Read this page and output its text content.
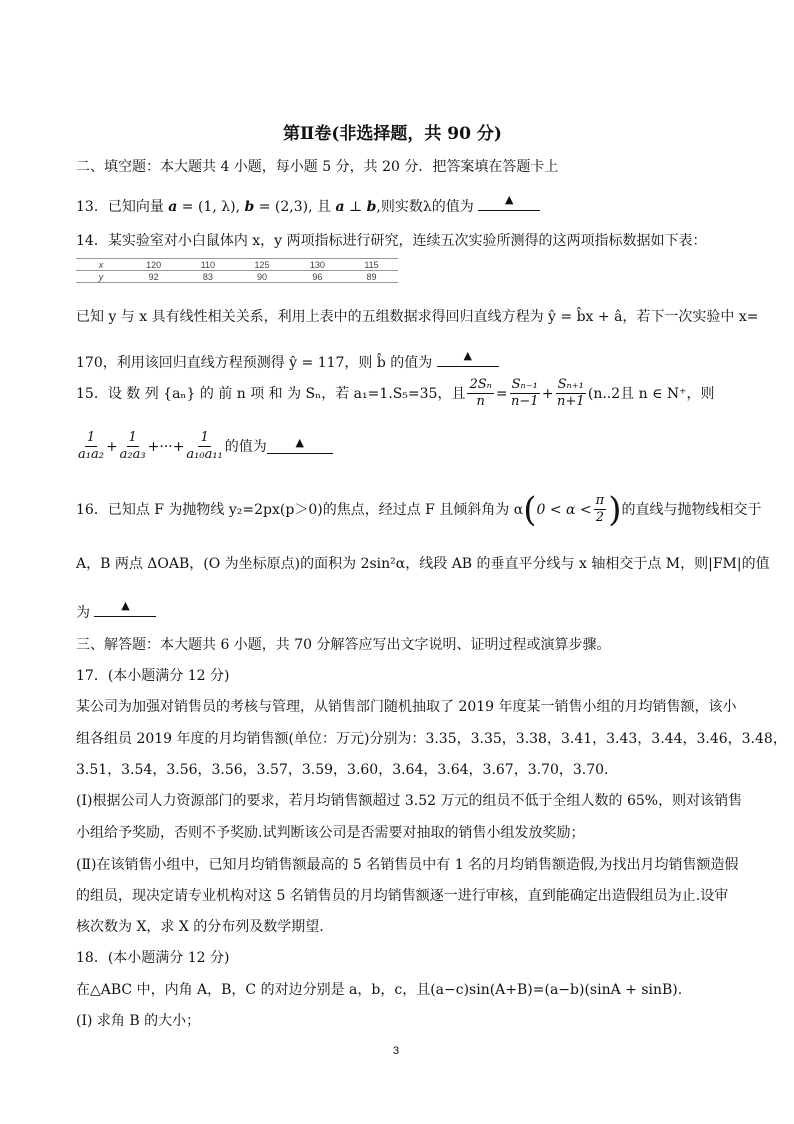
第Ⅱ卷(非选择题，共 90 分)
二、填空题：本大题共 4 小题，每小题 5 分，共 20 分．把答案填在答题卡上
13．已知向量 a = (1, λ), b = (2,3), 且 a ⊥ b,则实数λ的值为	▲
14．某实验室对小白鼠体内 x，y 两项指标进行研究，连续五次实验所测得的这两项指标数据如下表：
x	120	110	125	130	115
y	92	83	90	96	89
已知 y 与 x 具有线性相关关系，利用上表中的五组数据求得回归直线方程为 ŷ = b̂x + â，若下一次实验中 x=
170，利用该回归直线方程预测得 ŷ = 117，则 b̂ 的值为	▲
15．设 数 列 {aₙ} 的 前 n 项 和 为 Sₙ，若 a₁=1.S₅=35，且 $\frac{\text{2Sₙ}}{n} = \frac{\text{Sₙ₋₁}}{n-1} + \frac{\text{Sₙ₊₁}}{n+1} (n..2$且 n ∈ N⁺，则
$\frac{1}{\text{a₁a₂}} + \frac{1}{\text{a₂a₃}}$ +···+ $\frac{1}{\text{a₁₀a₁₁}}$ 的值为	▲
16．已知点 F 为抛物线 y₂=2px(p＞0)的焦点，经过点 F 且倾斜角为 α ( $0 < \alpha < \frac{\pi}{2}$ ) 的直线与抛物线相交于
A，B 两点 ΔOAB，(O 为坐标原点)的面积为 2sin²α，线段 AB 的垂直平分线与 x 轴相交于点 M，则|FM|的值
为	▲
三、解答题：本大题共 6 小题，共 70 分解答应写出文字说明、证明过程或演算步骤。
17．(本小题满分 12 分)
某公司为加强对销售员的考核与管理，从销售部门随机抽取了 2019 年度某一销售小组的月均销售额，该小
组各组员 2019 年度的月均销售额(单位：万元)分别为：3.35，3.35，3.38，3.41，3.43，3.44，3.46，3.48，
3.51，3.54，3.56，3.56，3.57，3.59，3.60，3.64，3.64，3.67，3.70，3.70.
(Ⅰ)根据公司人力资源部门的要求，若月均销售额超过 3.52 万元的组员不低于全组人数的 65%，则对该销售
小组给予奖励，否则不予奖励.试判断该公司是否需要对抽取的销售小组发放奖励；
(Ⅱ)在该销售小组中，已知月均销售额最高的 5 名销售员中有 1 名的月均销售额造假,为找出月均销售额造假
的组员，现决定请专业机构对这 5 名销售员的月均销售额逐一进行审核，直到能确定出造假组员为止.设审
核次数为 X，求 X 的分布列及数学期望.
18．(本小题满分 12 分)
在△ABC 中，内角 A，B，C 的对边分别是 a，b，c，且(a−c)sin(A+B)=(a−b)(sinA + sinB).
(Ⅰ) 求角 B 的大小；
3
